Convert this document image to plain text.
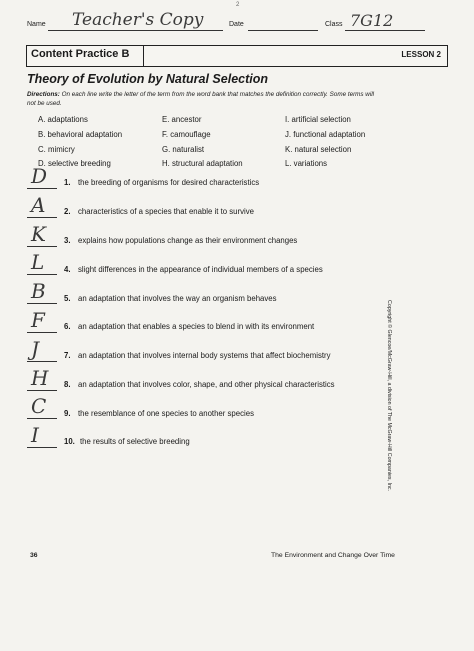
2
Name Teacher's Copy	Date	Class 7G12
Content Practice B	LESSON 2
Theory of Evolution by Natural Selection
Directions: On each line write the letter of the term from the word bank that matches the definition correctly. Some terms will not be used.
A. adaptations	E. ancestor	I. artificial selection
B. behavioral adaptation	F. camouflage	J. functional adaptation
C. mimicry	G. naturalist	K. natural selection
D. selective breeding	H. structural adaptation	L. variations
D	1. the breeding of organisms for desired characteristics
A	2. characteristics of a species that enable it to survive
K	3. explains how populations change as their environment changes
L	4. slight differences in the appearance of individual members of a species
B	5. an adaptation that involves the way an organism behaves
F	6. an adaptation that enables a species to blend in with its environment
J	7. an adaptation that involves internal body systems that affect biochemistry
H	8. an adaptation that involves color, shape, and other physical characteristics
C	9. the resemblance of one species to another species
I	10. the results of selective breeding	Copyright © Glencoe/McGraw-Hill, a division of The McGraw-Hill Companies, Inc.
36	The Environment and Change Over Time
